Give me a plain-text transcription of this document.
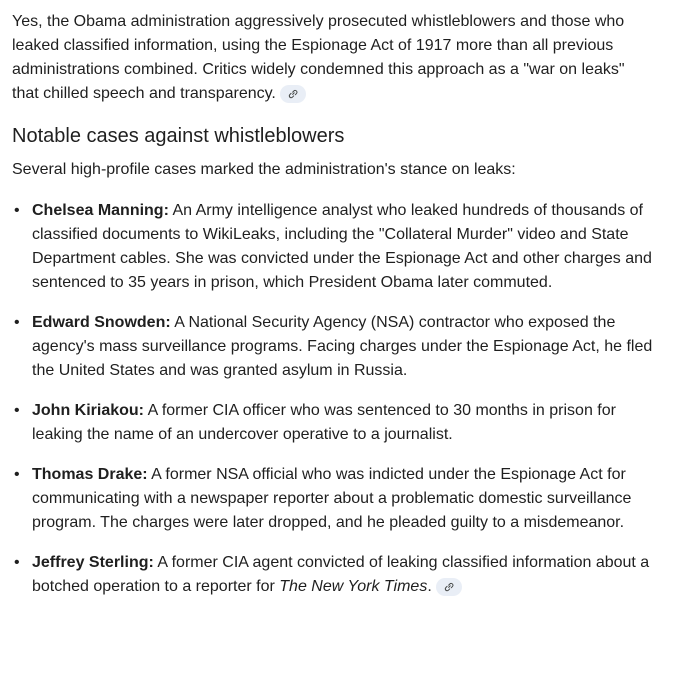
Yes, the Obama administration aggressively prosecuted whistleblowers and those who leaked classified information, using the Espionage Act of 1917 more than all previous administrations combined. Critics widely condemned this approach as a "war on leaks" that chilled speech and transparency.

Notable cases against whistleblowers

Several high-profile cases marked the administration's stance on leaks:

• Chelsea Manning: An Army intelligence analyst who leaked hundreds of thousands of classified documents to WikiLeaks, including the "Collateral Murder" video and State Department cables. She was convicted under the Espionage Act and other charges and sentenced to 35 years in prison, which President Obama later commuted.
• Edward Snowden: A National Security Agency (NSA) contractor who exposed the agency's mass surveillance programs. Facing charges under the Espionage Act, he fled the United States and was granted asylum in Russia.
• John Kiriakou: A former CIA officer who was sentenced to 30 months in prison for leaking the name of an undercover operative to a journalist.
• Thomas Drake: A former NSA official who was indicted under the Espionage Act for communicating with a newspaper reporter about a problematic domestic surveillance program. The charges were later dropped, and he pleaded guilty to a misdemeanor.
• Jeffrey Sterling: A former CIA agent convicted of leaking classified information about a botched operation to a reporter for The New York Times.
